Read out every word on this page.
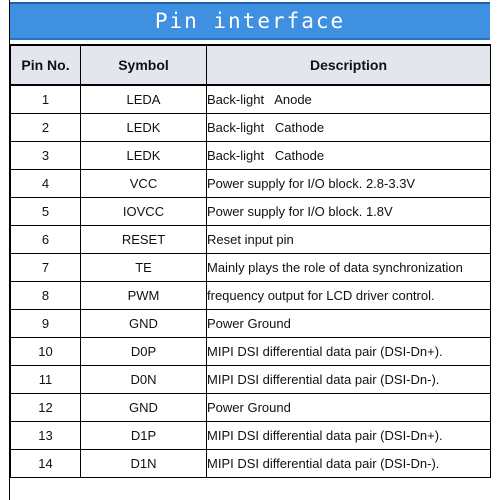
Pin interface
Pin No.	Symbol	Description
1	LEDA	Back-light   Anode
2	LEDK	Back-light   Cathode
3	LEDK	Back-light   Cathode
4	VCC	Power supply for I/O block. 2.8-3.3V
5	IOVCC	Power supply for I/O block. 1.8V
6	RESET	Reset input pin
7	TE	Mainly plays the role of data synchronization
8	PWM	frequency output for LCD driver control.
9	GND	Power Ground
10	D0P	MIPI DSI differential data pair (DSI-Dn+).
11	D0N	MIPI DSI differential data pair (DSI-Dn-).
12	GND	Power Ground
13	D1P	MIPI DSI differential data pair (DSI-Dn+).
14	D1N	MIPI DSI differential data pair (DSI-Dn-).
